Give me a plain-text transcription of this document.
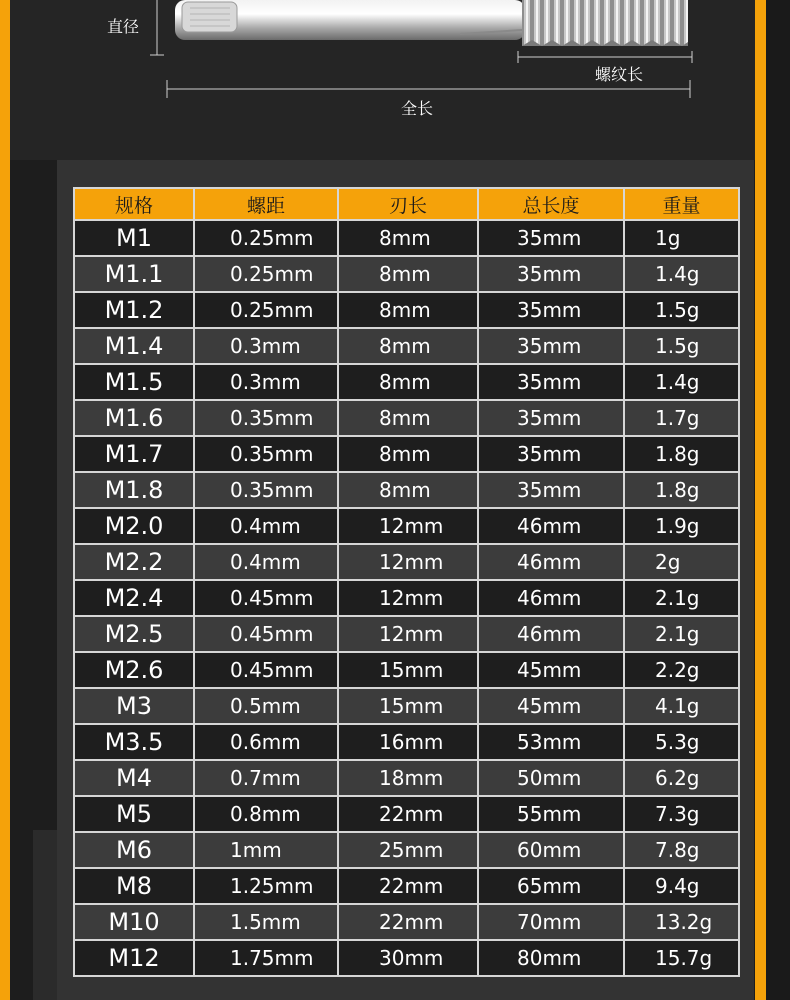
直径
螺纹长
全长
规格	螺距	刃长	总长度	重量
M1	0.25mm	8mm	35mm	1g
M1.1	0.25mm	8mm	35mm	1.4g
M1.2	0.25mm	8mm	35mm	1.5g
M1.4	0.3mm	8mm	35mm	1.5g
M1.5	0.3mm	8mm	35mm	1.4g
M1.6	0.35mm	8mm	35mm	1.7g
M1.7	0.35mm	8mm	35mm	1.8g
M1.8	0.35mm	8mm	35mm	1.8g
M2.0	0.4mm	12mm	46mm	1.9g
M2.2	0.4mm	12mm	46mm	2g
M2.4	0.45mm	12mm	46mm	2.1g
M2.5	0.45mm	12mm	46mm	2.1g
M2.6	0.45mm	15mm	45mm	2.2g
M3	0.5mm	15mm	45mm	4.1g
M3.5	0.6mm	16mm	53mm	5.3g
M4	0.7mm	18mm	50mm	6.2g
M5	0.8mm	22mm	55mm	7.3g
M6	1mm	25mm	60mm	7.8g
M8	1.25mm	22mm	65mm	9.4g
M10	1.5mm	22mm	70mm	13.2g
M12	1.75mm	30mm	80mm	15.7g
